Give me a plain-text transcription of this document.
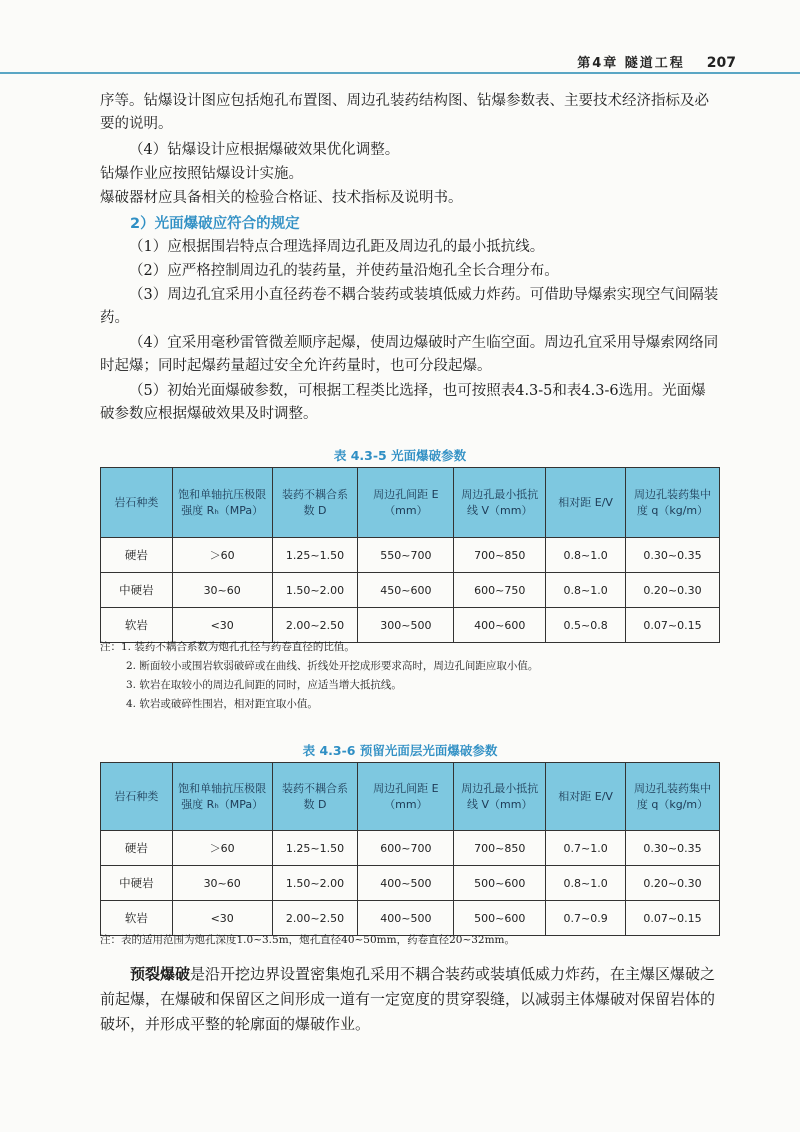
第4章 隧道工程 207

序等。钻爆设计图应包括炮孔布置图、周边孔装药结构图、钻爆参数表、主要技术经济指标及必要的说明。

（4）钻爆设计应根据爆破效果优化调整。

钻爆作业应按照钻爆设计实施。

爆破器材应具备相关的检验合格证、技术指标及说明书。

2）光面爆破应符合的规定

（1）应根据围岩特点合理选择周边孔距及周边孔的最小抵抗线。

（2）应严格控制周边孔的装药量，并使药量沿炮孔全长合理分布。

（3）周边孔宜采用小直径药卷不耦合装药或装填低威力炸药。可借助导爆索实现空气间隔装药。

（4）宜采用毫秒雷管微差顺序起爆，使周边爆破时产生临空面。周边孔宜采用导爆索网络同时起爆；同时起爆药量超过安全允许药量时，也可分段起爆。

（5）初始光面爆破参数，可根据工程类比选择，也可按照表4.3-5和表4.3-6选用。光面爆破参数应根据爆破效果及时调整。

表 4.3-5 光面爆破参数
岩石种类	饱和单轴抗压极限强度 Rₕ（MPa）	装药不耦合系数 D	周边孔间距 E（mm）	周边孔最小抵抗线 V（mm）	相对距 E/V	周边孔装药集中度 q（kg/m）
硬岩	＞60	1.25~1.50	550~700	700~850	0.8~1.0	0.30~0.35
中硬岩	30~60	1.50~2.00	450~600	600~750	0.8~1.0	0.20~0.30
软岩	<30	2.00~2.50	300~500	400~600	0.5~0.8	0.07~0.15
注：1. 装药不耦合系数为炮孔孔径与药卷直径的比值。
2. 断面较小或围岩软弱破碎或在曲线、折线处开挖成形要求高时，周边孔间距应取小值。
3. 软岩在取较小的周边孔间距的同时，应适当增大抵抗线。
4. 软岩或破碎性围岩，相对距宜取小值。
表 4.3-6 预留光面层光面爆破参数
岩石种类	饱和单轴抗压极限强度 Rₕ（MPa）	装药不耦合系数 D	周边孔间距 E（mm）	周边孔最小抵抗线 V（mm）	相对距 E/V	周边孔装药集中度 q（kg/m）
硬岩	＞60	1.25~1.50	600~700	700~850	0.7~1.0	0.30~0.35
中硬岩	30~60	1.50~2.00	400~500	500~600	0.8~1.0	0.20~0.30
软岩	<30	2.00~2.50	400~500	500~600	0.7~0.9	0.07~0.15
注：表的适用范围为炮孔深度1.0~3.5m，炮孔直径40~50mm，药卷直径20~32mm。

预裂爆破是沿开挖边界设置密集炮孔采用不耦合装药或装填低威力炸药，在主爆区爆破之前起爆，在爆破和保留区之间形成一道有一定宽度的贯穿裂缝，以减弱主体爆破对保留岩体的破坏，并形成平整的轮廓面的爆破作业。
